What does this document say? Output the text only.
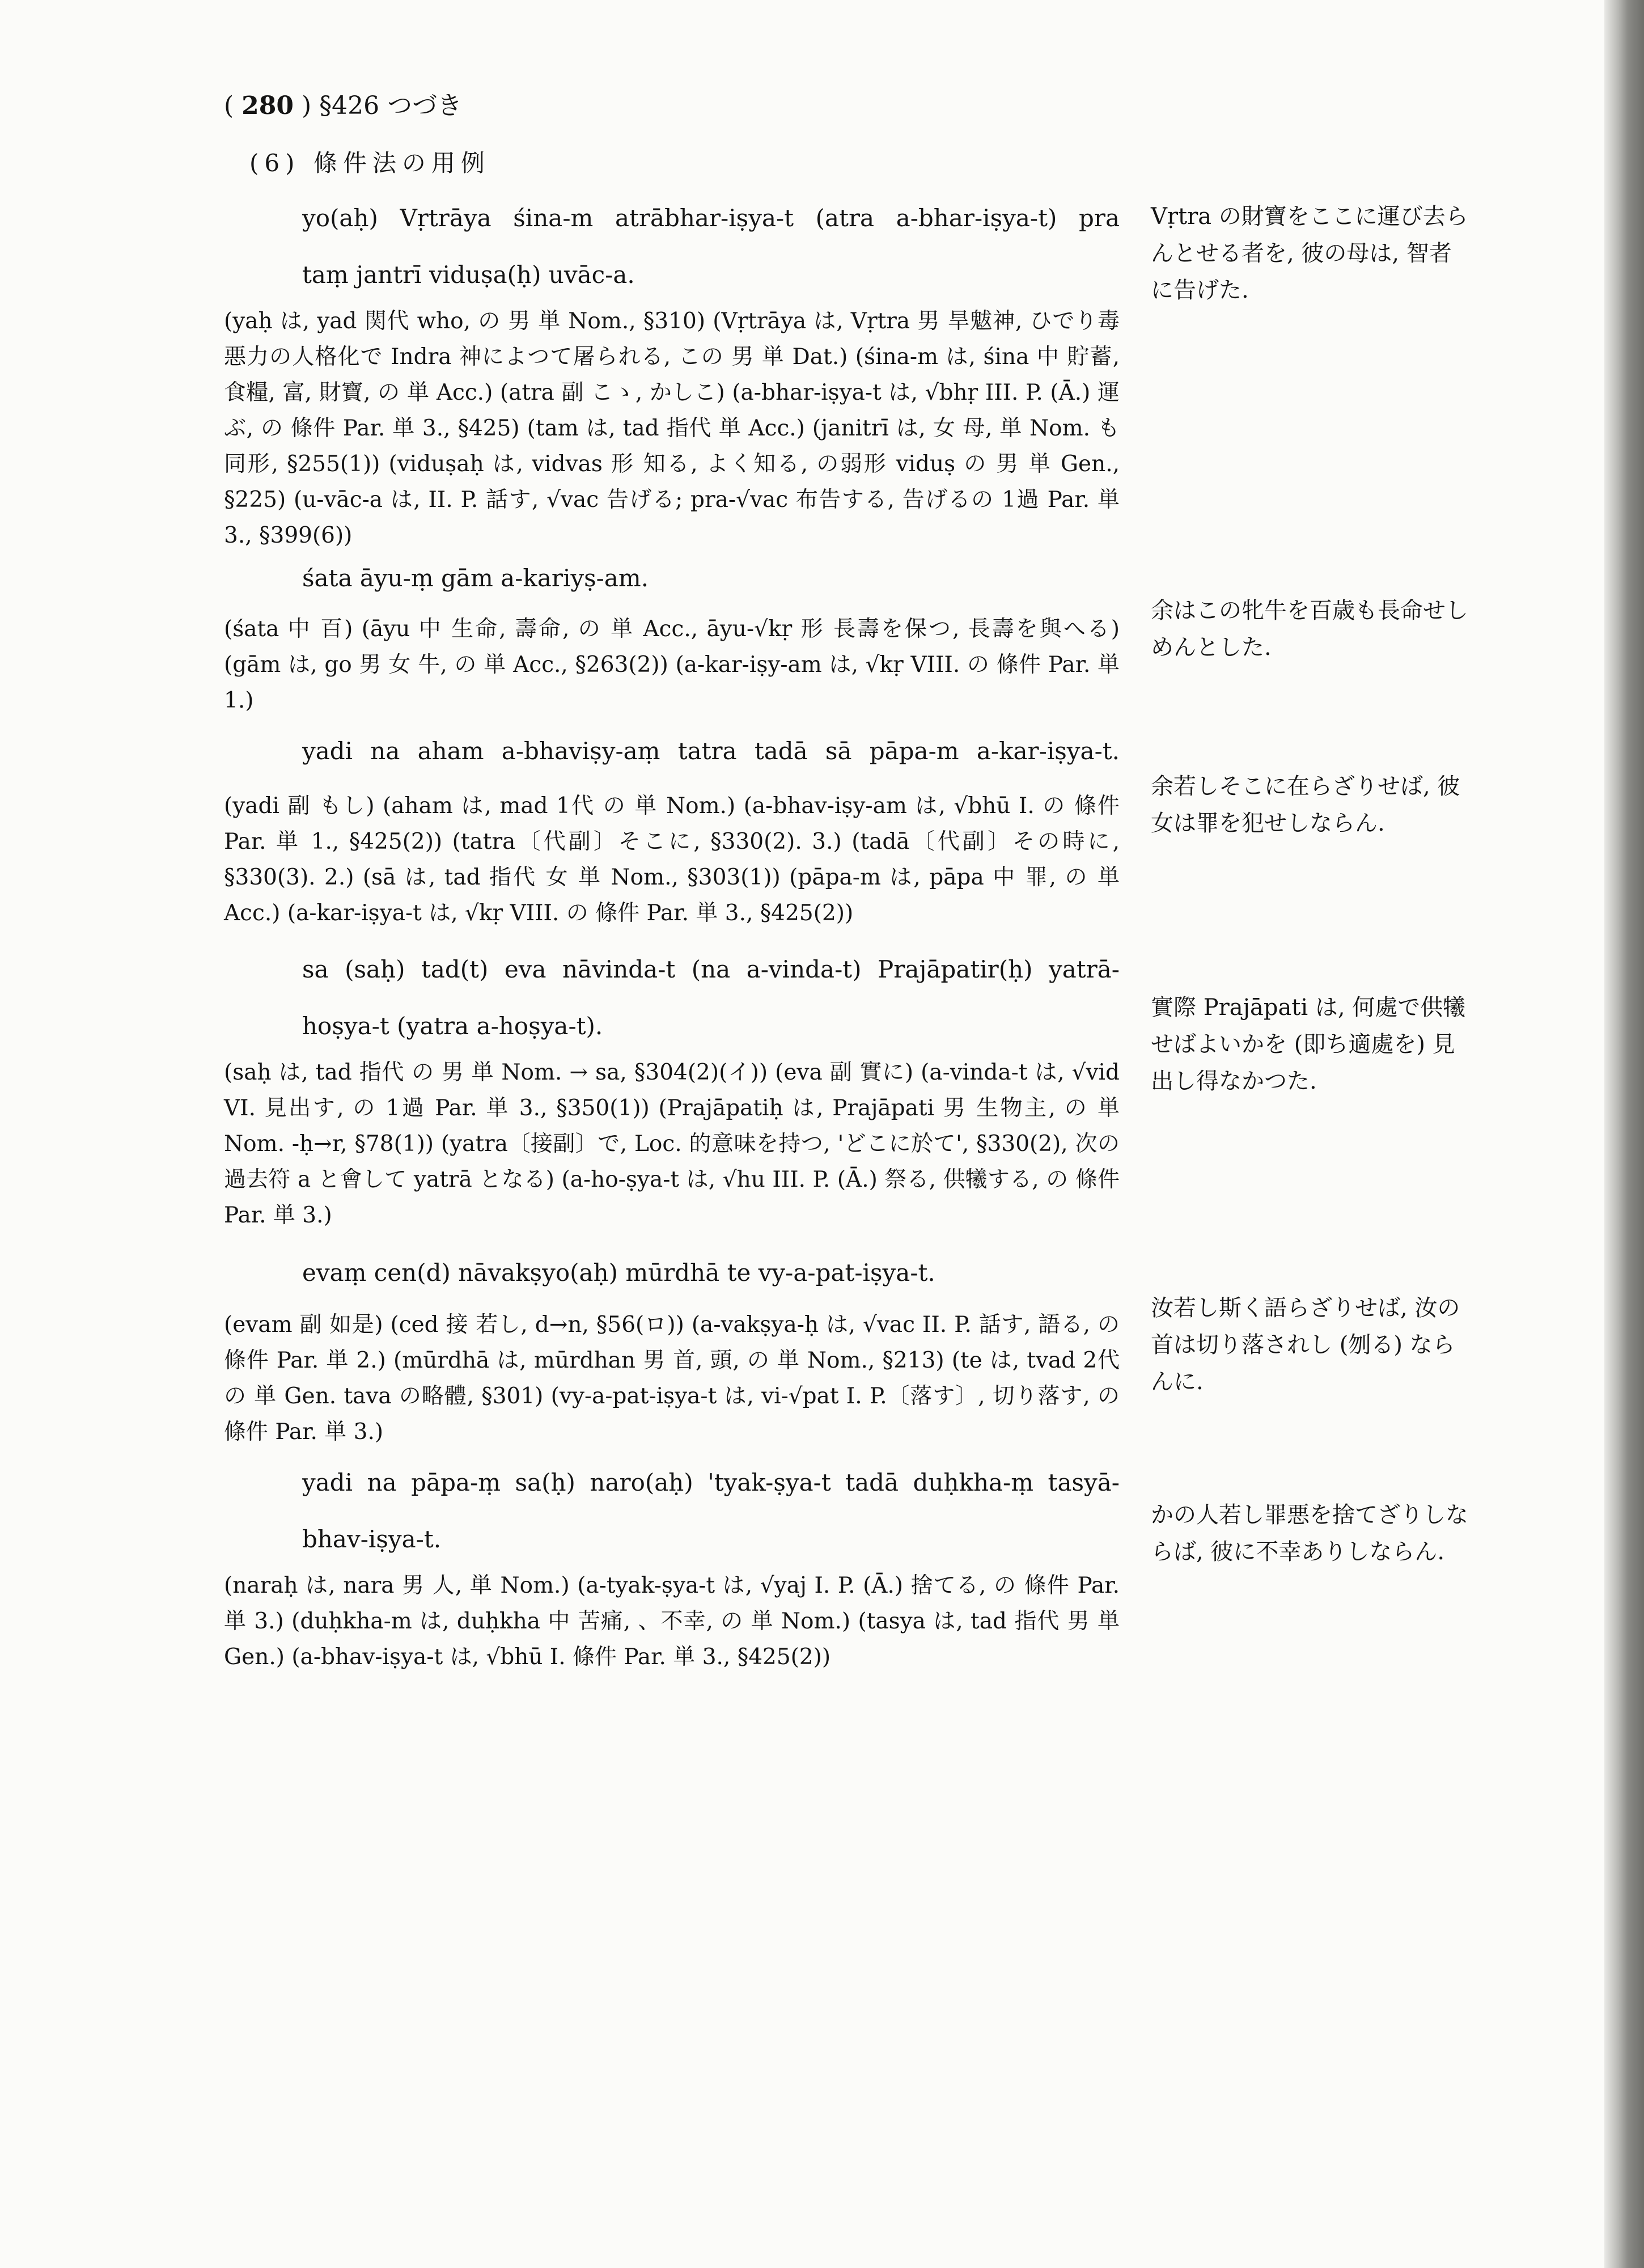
( 280 ) §426 つづき
(6) 條件法の用例
yo(aḥ) Vṛtrāya śina-m atrābhar-iṣya-t (atra a-bhar-iṣya-t) pra
taṃ jantrī viduṣa(ḥ) uvāc-a.
(yaḥ は, yad 関代 who, の 男 単 Nom., §310) (Vṛtrāya は, Vṛtra 男 旱魃神, ひでり毒悪力の人格化で Indra 神によつて屠られる, この 男 単 Dat.) (śina-m は, śina 中 貯蓄, 食糧, 富, 財寶, の 単 Acc.) (atra 副 こゝ, かしこ) (a-bhar-iṣya-t は, √bhṛ III. P. (Ā.) 運ぶ, の 條件 Par. 単 3., §425) (tam は, tad 指代 単 Acc.) (janitrī は, 女 母, 単 Nom. も同形, §255(1)) (viduṣaḥ は, vidvas 形 知る, よく知る, の弱形 viduṣ の 男 単 Gen., §225) (u-vāc-a は, II. P. 話す, √vac 告げる; pra-√vac 布告する, 告げるの 1過 Par. 単 3., §399(6))
Vṛtra の財寶をここに運び去らんとせる者を, 彼の母は, 智者に告げた.
śata āyu-ṃ gām a-kariyṣ-am.
(śata 中 百) (āyu 中 生命, 壽命, の 単 Acc., āyu-√kṛ 形 長壽を保つ, 長壽を與へる) (gām は, go 男 女 牛, の 単 Acc., §263(2)) (a-kar-iṣy-am は, √kṛ VIII. の 條件 Par. 単 1.)
余はこの牝牛を百歳も長命せしめんとした.
yadi na aham a-bhaviṣy-aṃ tatra tadā sā pāpa-m a-kar-iṣya-t.
(yadi 副 もし) (aham は, mad 1代 の 単 Nom.) (a-bhav-iṣy-am は, √bhū I. の 條件 Par. 単 1., §425(2)) (tatra〔代副〕そこに, §330(2). 3.) (tadā〔代副〕その時に, §330(3). 2.) (sā は, tad 指代 女 単 Nom., §303(1)) (pāpa-m は, pāpa 中 罪, の 単 Acc.) (a-kar-iṣya-t は, √kṛ VIII. の 條件 Par. 単 3., §425(2))
余若しそこに在らざりせば, 彼女は罪を犯せしならん.
sa (saḥ) tad(t) eva nāvinda-t (na a-vinda-t) Prajāpatir(ḥ) yatrā-
hoṣya-t (yatra a-hoṣya-t).
(saḥ は, tad 指代 の 男 単 Nom. → sa, §304(2)(イ)) (eva 副 實に) (a-vinda-t は, √vid VI. 見出す, の 1過 Par. 単 3., §350(1)) (Prajāpatiḥ は, Prajāpati 男 生物主, の 単 Nom. -ḥ→r, §78(1)) (yatra〔接副〕で, Loc. 的意味を持つ, 'どこに於て', §330(2), 次の過去符 a と會して yatrā となる) (a-ho-ṣya-t は, √hu III. P. (Ā.) 祭る, 供犧する, の 條件 Par. 単 3.)
實際 Prajāpati は, 何處で供犧せばよいかを (即ち適處を) 見出し得なかつた.
evaṃ cen(d) nāvakṣyo(aḥ) mūrdhā te vy-a-pat-iṣya-t.
(evam 副 如是) (ced 接 若し, d→n, §56(ロ)) (a-vakṣya-ḥ は, √vac II. P. 話す, 語る, の 條件 Par. 単 2.) (mūrdhā は, mūrdhan 男 首, 頭, の 単 Nom., §213) (te は, tvad 2代 の 単 Gen. tava の略體, §301) (vy-a-pat-iṣya-t は, vi-√pat I. P.〔落す〕, 切り落す, の 條件 Par. 単 3.)
汝若し斯く語らざりせば, 汝の首は切り落されし (刎る) ならんに.
yadi na pāpa-ṃ sa(ḥ) naro(aḥ) 'tyak-ṣya-t tadā duḥkha-ṃ tasyā-
bhav-iṣya-t.
(naraḥ は, nara 男 人, 単 Nom.) (a-tyak-ṣya-t は, √yaj I. P. (Ā.) 捨てる, の 條件 Par. 単 3.) (duḥkha-m は, duḥkha 中 苦痛, 、不幸, の 単 Nom.) (tasya は, tad 指代 男 単 Gen.) (a-bhav-iṣya-t は, √bhū I. 條件 Par. 単 3., §425(2))
かの人若し罪悪を捨てざりしならば, 彼に不幸ありしならん.
